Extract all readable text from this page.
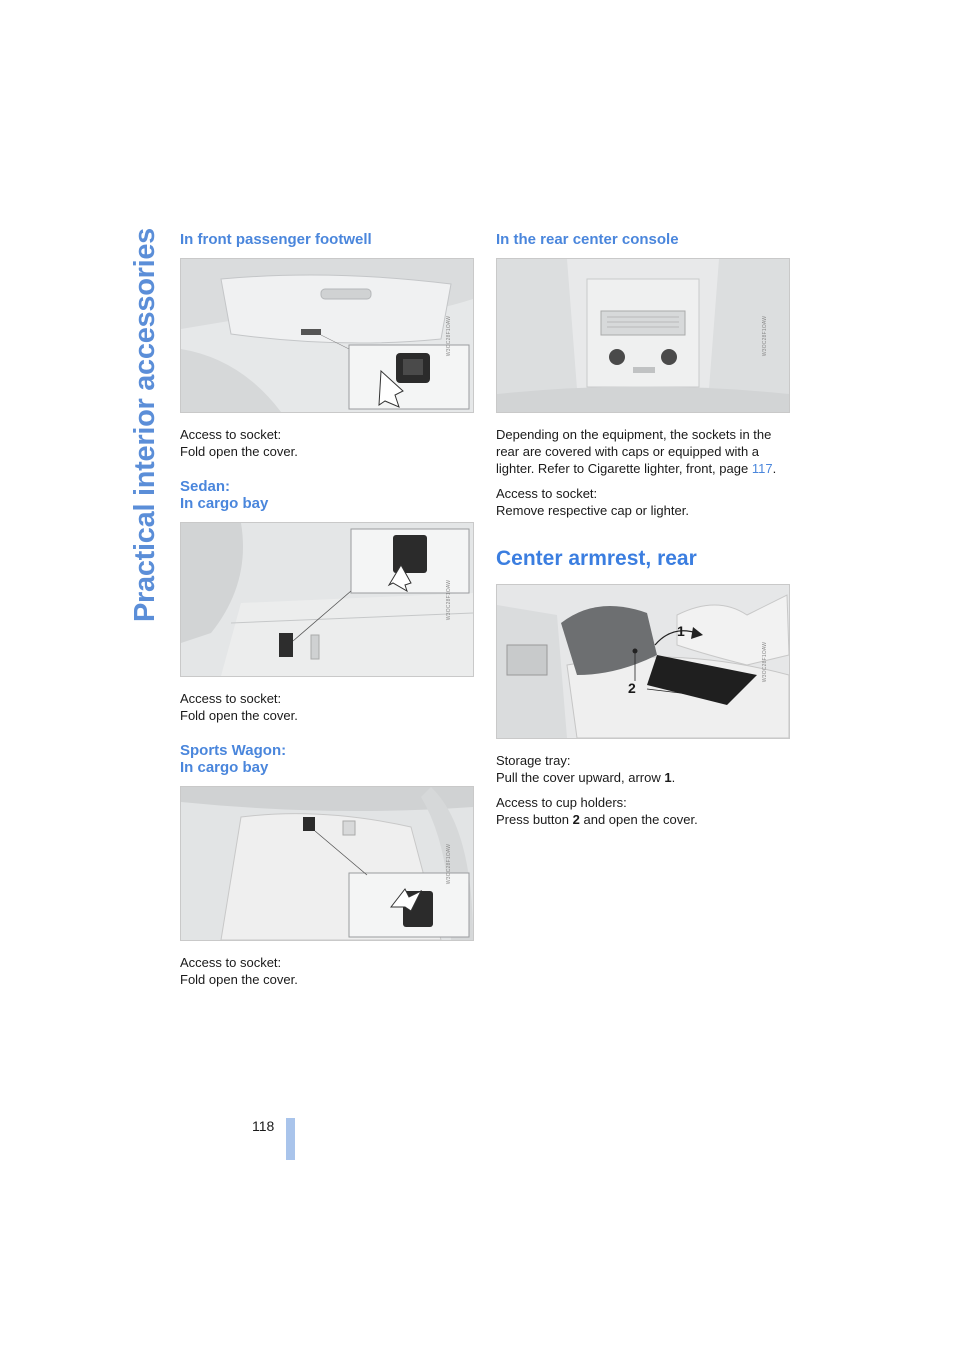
Practical interior accessories In front passenger footwell
W3OC28F1OAW

Access to socket:

Fold open the cover.

Sedan:
In cargo bay
W3OC28F1OAW

Access to socket:

Fold open the cover.

Sports Wagon:
In cargo bay
W3OC28F1OAW

Access to socket:

Fold open the cover.

In the rear center console
W3OC28F1OAW

Depending on the equipment, the sockets in the rear are covered with caps or equipped with a lighter. Refer to Cigarette lighter, front, page 117.

Access to socket:

Remove respective cap or lighter.

Center armrest, rear
1
2
W3OC28F1OAW

Storage tray:

Pull the cover upward, arrow 1.

Access to cup holders:

Press button 2 and open the cover.

118
